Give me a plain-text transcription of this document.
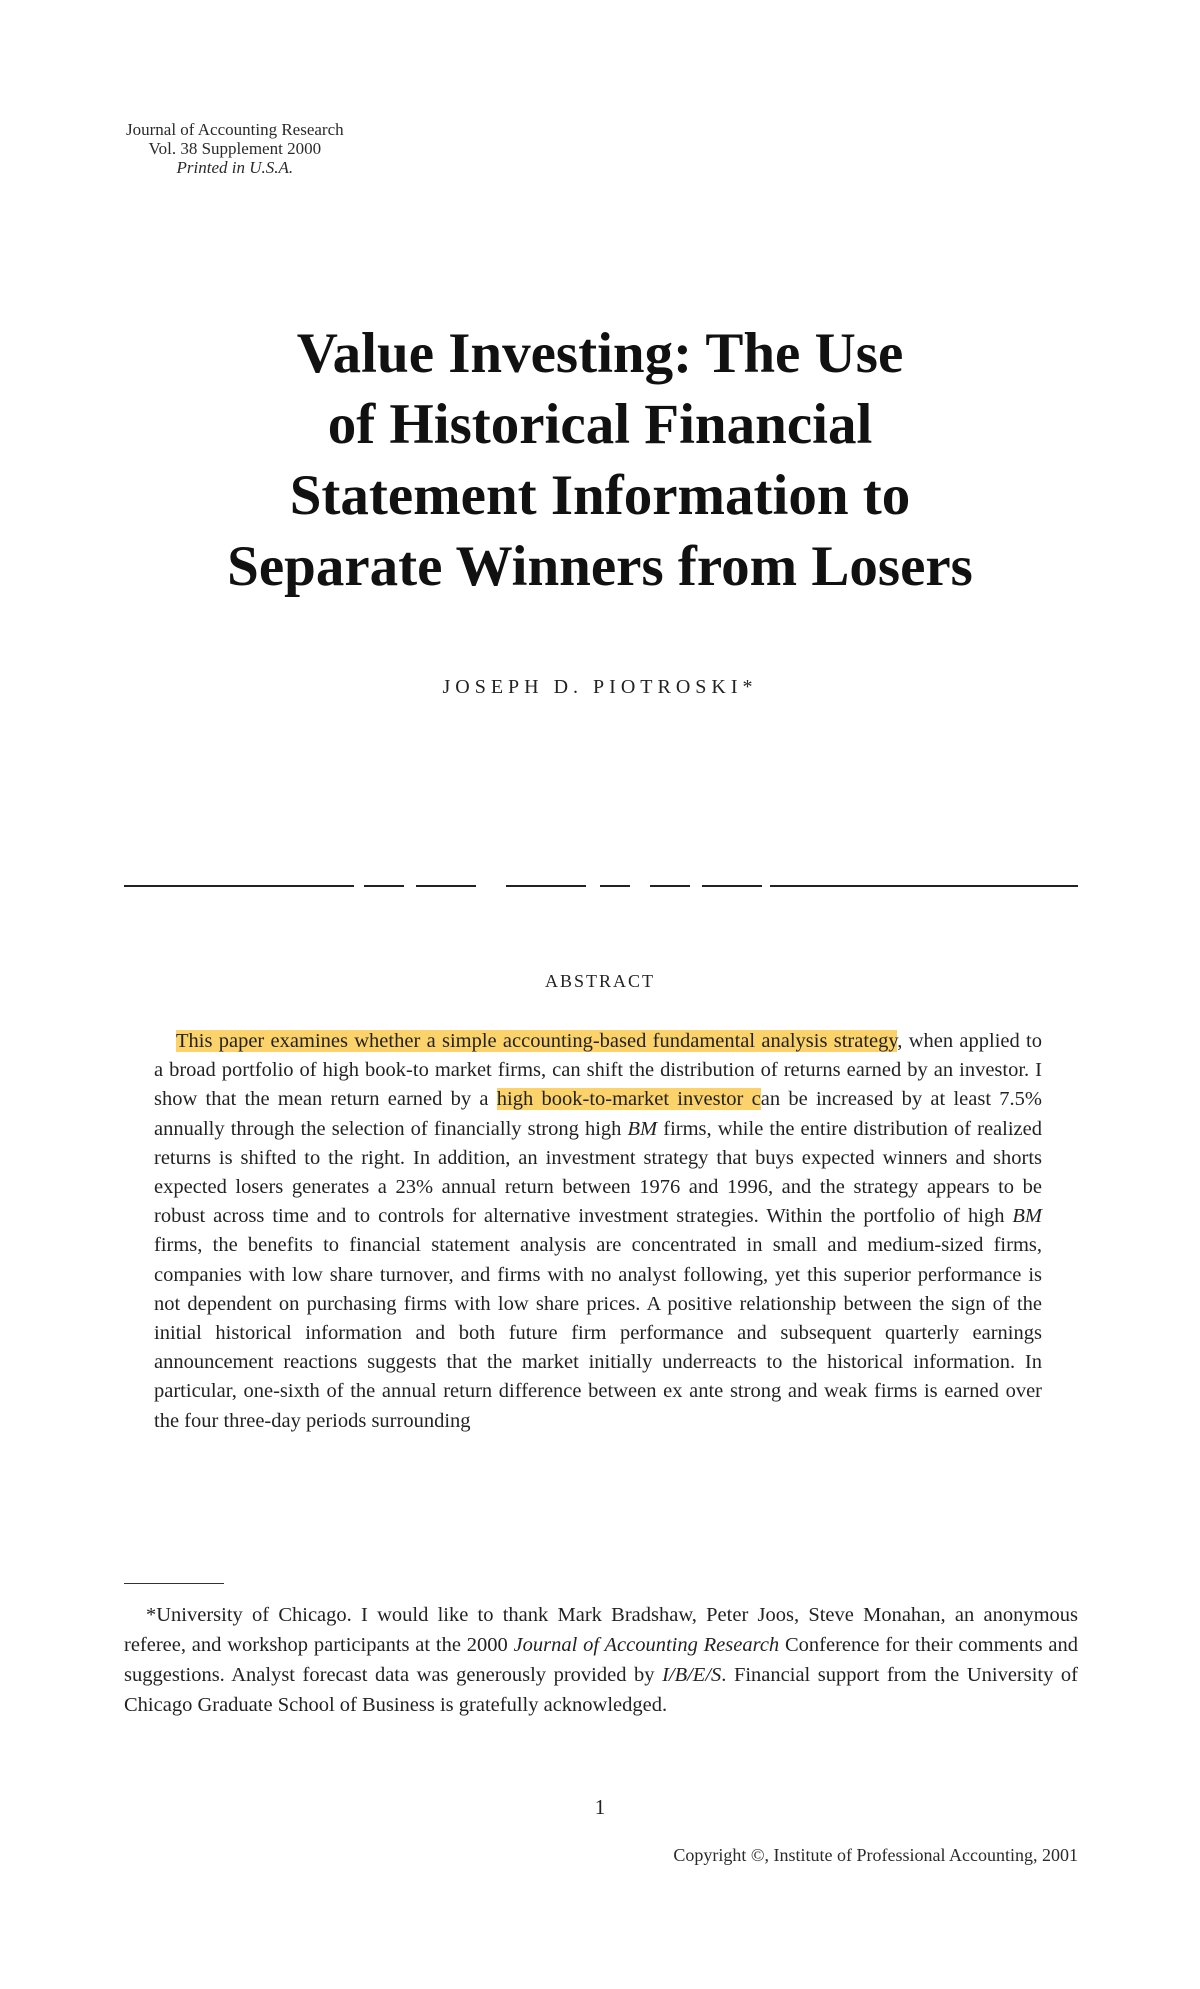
Journal of Accounting Research
Vol. 38 Supplement 2000
Printed in U.S.A.
Value Investing: The Use
of Historical Financial
Statement Information to
Separate Winners from Losers
JOSEPH D. PIOTROSKI*
ABSTRACT

This paper examines whether a simple accounting-based fundamental analysis strategy, when applied to a broad portfolio of high book-to market firms, can shift the distribution of returns earned by an investor. I show that the mean return earned by a high book-to-market investor can be increased by at least 7.5% annually through the selection of financially strong high BM firms, while the entire distribution of realized returns is shifted to the right. In addition, an investment strategy that buys expected winners and shorts expected losers generates a 23% annual return between 1976 and 1996, and the strategy appears to be robust across time and to controls for alternative investment strategies. Within the portfolio of high BM firms, the benefits to financial statement analysis are concentrated in small and medium-sized firms, companies with low share turnover, and firms with no analyst following, yet this superior performance is not dependent on purchasing firms with low share prices. A positive relationship between the sign of the initial historical information and both future firm performance and subsequent quarterly earnings announcement reactions suggests that the market initially underreacts to the historical information. In particular, one-sixth of the annual return difference between ex ante strong and weak firms is earned over the four three-day periods surrounding

*University of Chicago. I would like to thank Mark Bradshaw, Peter Joos, Steve Monahan, an anonymous referee, and workshop participants at the 2000 Journal of Accounting Research Conference for their comments and suggestions. Analyst forecast data was generously provided by I/B/E/S. Financial support from the University of Chicago Graduate School of Business is gratefully acknowledged.

1
Copyright ©, Institute of Professional Accounting, 2001
